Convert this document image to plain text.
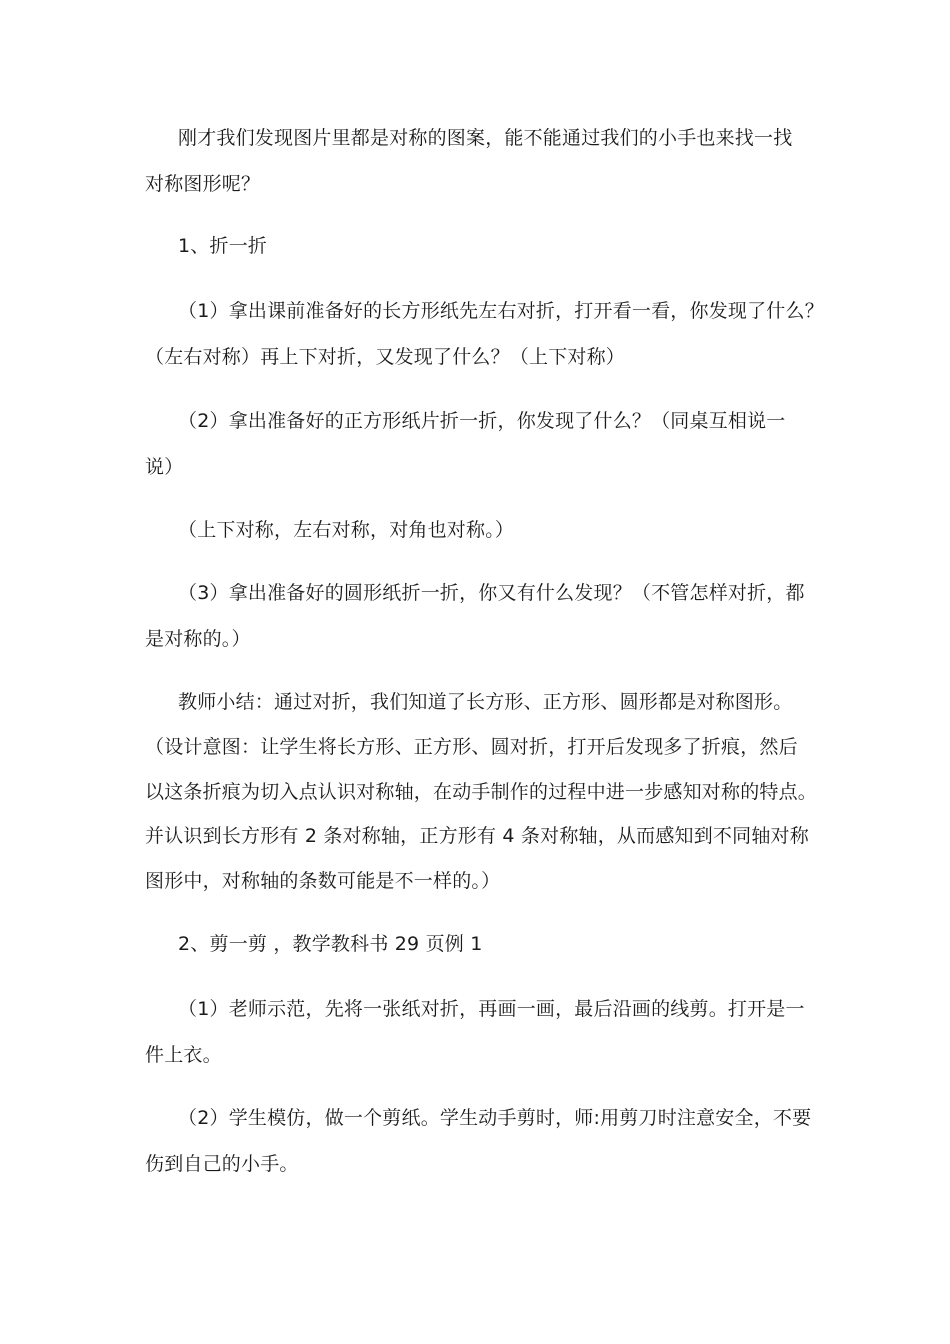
刚才我们发现图片里都是对称的图案，能不能通过我们的小手也来找一找
对称图形呢？
1、折一折
（1）拿出课前准备好的长方形纸先左右对折，打开看一看，你发现了什么？
（左右对称）再上下对折，又发现了什么？（上下对称）
（2）拿出准备好的正方形纸片折一折，你发现了什么？（同桌互相说一
说）
（上下对称，左右对称，对角也对称。）
（3）拿出准备好的圆形纸折一折，你又有什么发现？（不管怎样对折，都
是对称的。）
教师小结：通过对折，我们知道了长方形、正方形、圆形都是对称图形。
（设计意图：让学生将长方形、正方形、圆对折，打开后发现多了折痕，然后
以这条折痕为切入点认识对称轴，在动手制作的过程中进一步感知对称的特点。
并认识到长方形有 2 条对称轴，正方形有 4 条对称轴，从而感知到不同轴对称
图形中，对称轴的条数可能是不一样的。）
2、剪一剪 ，教学教科书 29 页例 1
（1）老师示范，先将一张纸对折，再画一画，最后沿画的线剪。打开是一
件上衣。
（2）学生模仿，做一个剪纸。学生动手剪时，师:用剪刀时注意安全，不要
伤到自己的小手。
